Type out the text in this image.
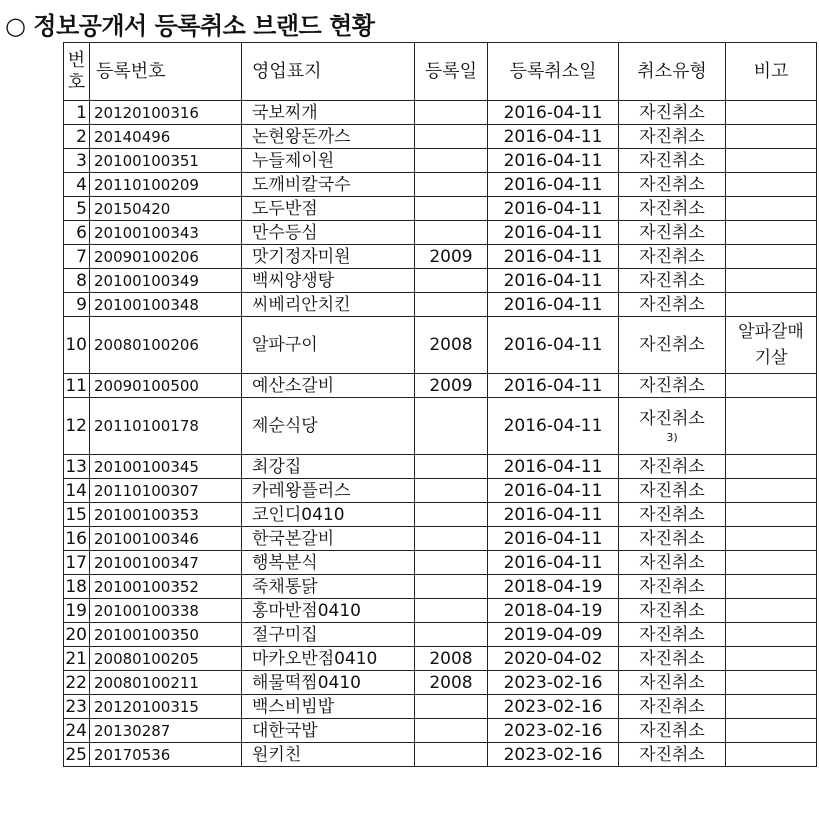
○ 정보공개서 등록취소 브랜드 현황
번호	등록번호	영업표지	등록일	등록취소일	취소유형	비고
1	20120100316	국보찌개		2016-04-11	자진취소	
2	20140496	논현왕돈까스		2016-04-11	자진취소	
3	20100100351	누들제이원		2016-04-11	자진취소	
4	20110100209	도깨비칼국수		2016-04-11	자진취소	
5	20150420	도두반점		2016-04-11	자진취소	
6	20100100343	만수등심		2016-04-11	자진취소	
7	20090100206	맛기정자미원	2009	2016-04-11	자진취소	
8	20100100349	백씨양생탕		2016-04-11	자진취소	
9	20100100348	씨베리안치킨		2016-04-11	자진취소	
10	20080100206	알파구이	2008	2016-04-11	자진취소	알파갈매기살
11	20090100500	예산소갈비	2009	2016-04-11	자진취소	
12	20110100178	제순식당		2016-04-11	자진취소
3)	

13	20100100345	최강집		2016-04-11	자진취소	
14	20110100307	카레왕플러스		2016-04-11	자진취소	
15	20100100353	코인디0410		2016-04-11	자진취소	
16	20100100346	한국본갈비		2016-04-11	자진취소	
17	20100100347	행복분식		2016-04-11	자진취소	
18	20100100352	죽채통닭		2018-04-19	자진취소	
19	20100100338	홍마반점0410		2018-04-19	자진취소	
20	20100100350	절구미집		2019-04-09	자진취소	
21	20080100205	마카오반점0410	2008	2020-04-02	자진취소	
22	20080100211	해물떡찜0410	2008	2023-02-16	자진취소	
23	20120100315	백스비빔밥		2023-02-16	자진취소	
24	20130287	대한국밥		2023-02-16	자진취소	
25	20170536	원키친		2023-02-16	자진취소	
